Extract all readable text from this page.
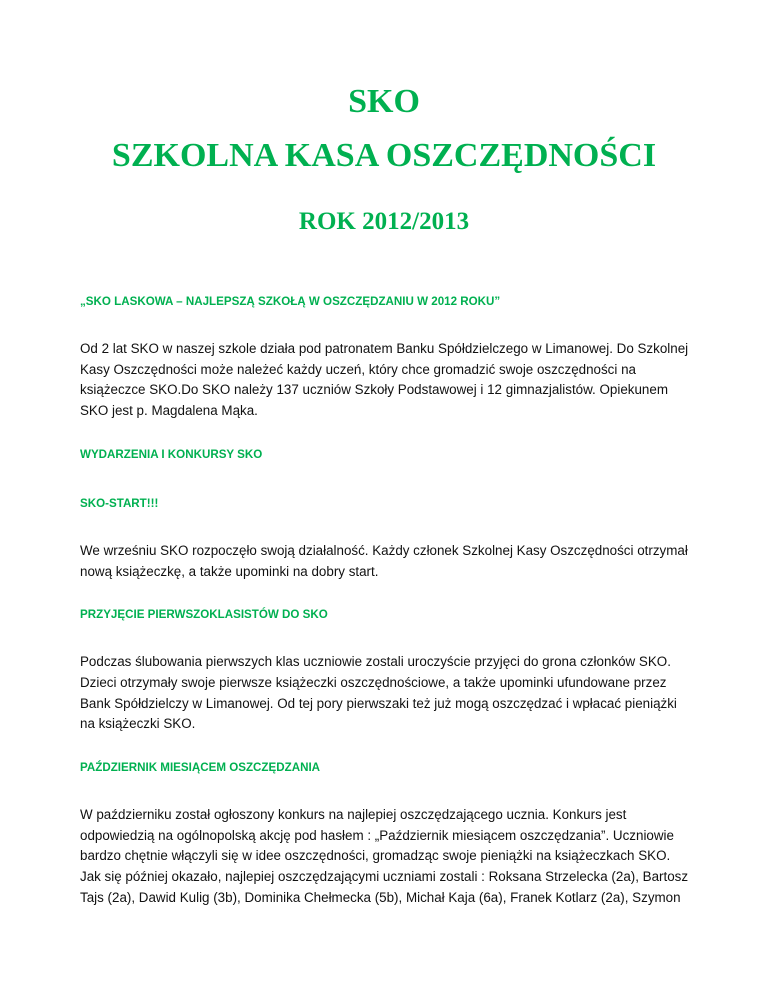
SKO
SZKOLNA KASA OSZCZĘDNOŚCI
ROK 2012/2013

„SKO LASKOWA – NAJLEPSZĄ SZKOŁĄ W OSZCZĘDZANIU W 2012 ROKU”

Od 2 lat SKO w naszej szkole działa pod patronatem Banku Spółdzielczego w Limanowej. Do Szkolnej Kasy Oszczędności może należeć każdy uczeń, który chce gromadzić swoje oszczędności na książeczce SKO.Do SKO należy 137 uczniów Szkoły Podstawowej i 12 gimnazjalistów. Opiekunem SKO jest p. Magdalena Mąka.

WYDARZENIA I KONKURSY SKO

SKO-START!!!

We wrześniu SKO rozpoczęło swoją działalność. Każdy członek Szkolnej Kasy Oszczędności otrzymał nową książeczkę, a także upominki na dobry start.

PRZYJĘCIE PIERWSZOKLASISTÓW DO SKO

Podczas ślubowania pierwszych klas uczniowie zostali uroczyście przyjęci do grona członków SKO. Dzieci otrzymały swoje pierwsze książeczki oszczędnościowe, a także upominki ufundowane przez Bank Spółdzielczy w Limanowej. Od tej pory pierwszaki też już mogą oszczędzać i wpłacać pieniążki na książeczki SKO.

PAŹDZIERNIK MIESIĄCEM OSZCZĘDZANIA

W październiku został ogłoszony konkurs na najlepiej oszczędzającego ucznia. Konkurs jest odpowiedzią na ogólnopolską akcję pod hasłem : „Październik miesiącem oszczędzania”. Uczniowie bardzo chętnie włączyli się w idee oszczędności, gromadząc swoje pieniążki na książeczkach SKO. Jak się później okazało, najlepiej oszczędzającymi uczniami zostali : Roksana Strzelecka (2a), Bartosz Tajs (2a), Dawid Kulig (3b), Dominika Chełmecka (5b), Michał Kaja (6a), Franek Kotlarz (2a), Szymon
